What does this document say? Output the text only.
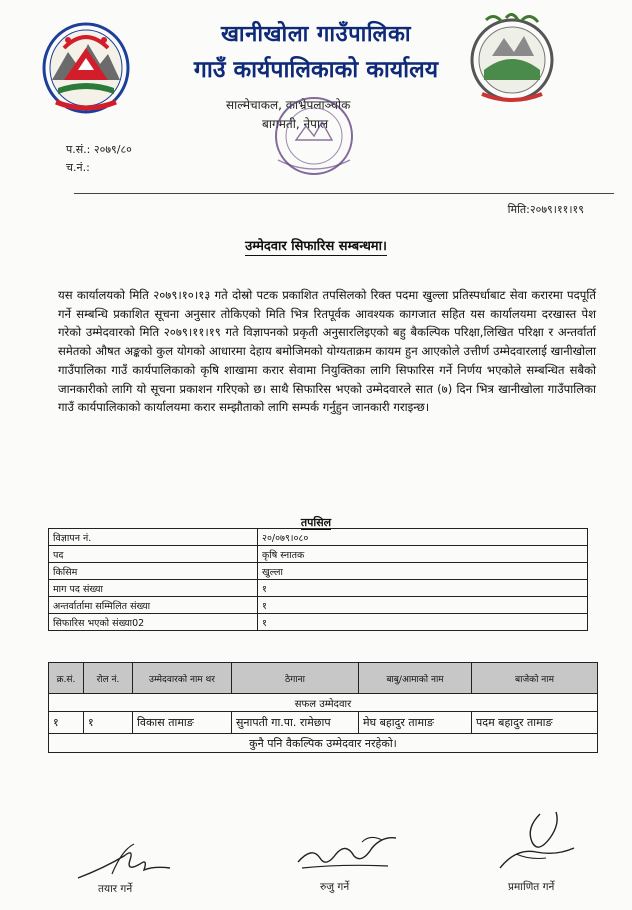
खानीखोला गाउँपालिका
गाउँ कार्यपालिकाको कार्यालय
साल्मेचाकल, काभ्रेपलाञ्चोक
बागमती, नेपाल
प.सं.: २०७९/८०
च.नं.:
मिति:२०७९।११।१९
उम्मेदवार सिफारिस सम्बन्धमा।
यस कार्यालयको मिति २०७९।१०।१३ गते दोस्रो पटक प्रकाशित तपसिलको रिक्त पदमा खुल्ला प्रतिस्पर्धाबाट सेवा करारमा पदपूर्ति गर्ने सम्बन्धि प्रकाशित सूचना अनुसार तोकिएको मिति भित्र रितपूर्वक आवश्यक कागजात सहित यस कार्यालयमा दरखास्त पेश गरेको उम्मेदवारको मिति २०७९।११।१९ गते विज्ञापनको प्रकृती अनुसारलिइएको बहु बैकल्पिक परिक्षा,लिखित परिक्षा र अन्तर्वार्ता समेतको औषत अङ्कको कुल योगको आधारमा देहाय बमोजिमको योग्यताक्रम कायम हुन आएकोले उत्तीर्ण उम्मेदवारलाई खानीखोला गाउँपालिका गाउँ कार्यपालिकाको कृषि शाखामा करार सेवामा नियुक्तिका लागि सिफारिस गर्ने निर्णय भएकोले सम्बन्धित सबैको जानकारीको लागि यो सूचना प्रकाशन गरिएको छ। साथै सिफारिस भएको उम्मेदवारले सात (७) दिन भित्र खानीखोला गाउँपालिका गाउँ कार्यपालिकाको कार्यालयमा करार सम्झौताको लागि सम्पर्क गर्नुहुन जानकारी गराइन्छ।
तपसिल
विज्ञापन नं.	२०/०७९।०८०
पद	कृषि स्नातक
किसिम	खुल्ला
माग पद संख्या	१
अन्तर्वार्तामा सम्मिलित संख्या	१
सिफारिस भएको संख्या02	१
क्र.सं.	रोल नं.	उम्मेदवारको नाम थर	ठेगाना	बाबु/आमाको नाम	बाजेको नाम
सफल उम्मेदवार					
१	१	विकास तामाङ	सुनापती गा.पा. रामेछाप	मेघ बहादुर तामाङ	पदम बहादुर तामाङ
कुनै पनि वैकल्पिक उम्मेदवार नरहेको।					
तयार गर्ने	रुजु गर्ने	प्रमाणित गर्ने
